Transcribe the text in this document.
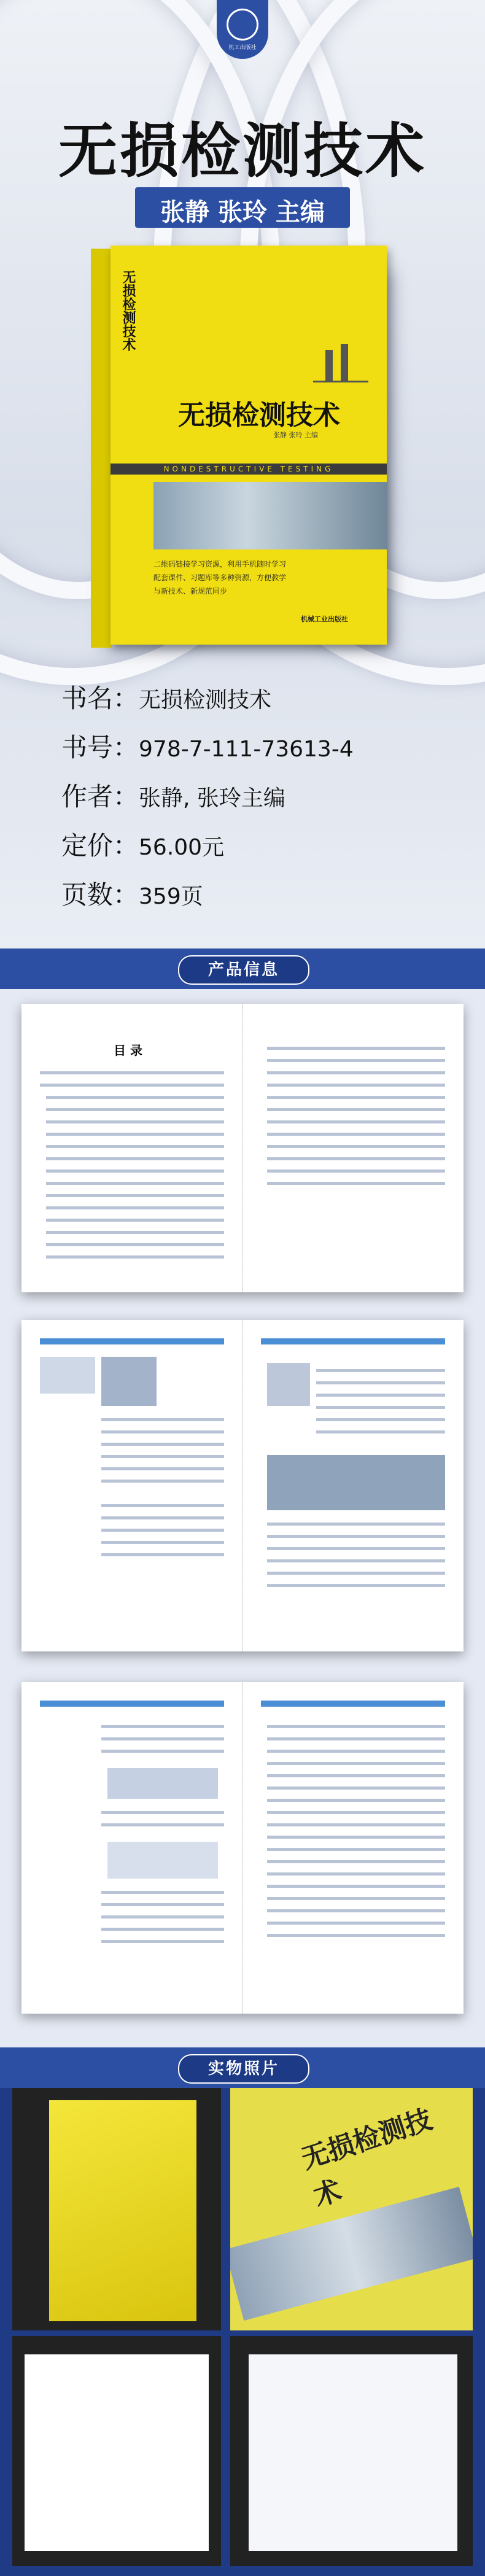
机工出版社
无损检测技术
张静 张玲 主编
无损检测技术
无损检测技术
张静 张玲 主编
NONDESTRUCTIVE TESTING
二维码链接学习资源，利用手机随时学习
配套课件、习题库等多种资源，方便教学
与新技术、新规范同步
机械工业出版社
书名：无损检测技术
书号：978-7-111-73613-4
作者：张静, 张玲主编
定价：56.00元
页数：359页
产品信息
目 录
实物照片
无损检测技术
